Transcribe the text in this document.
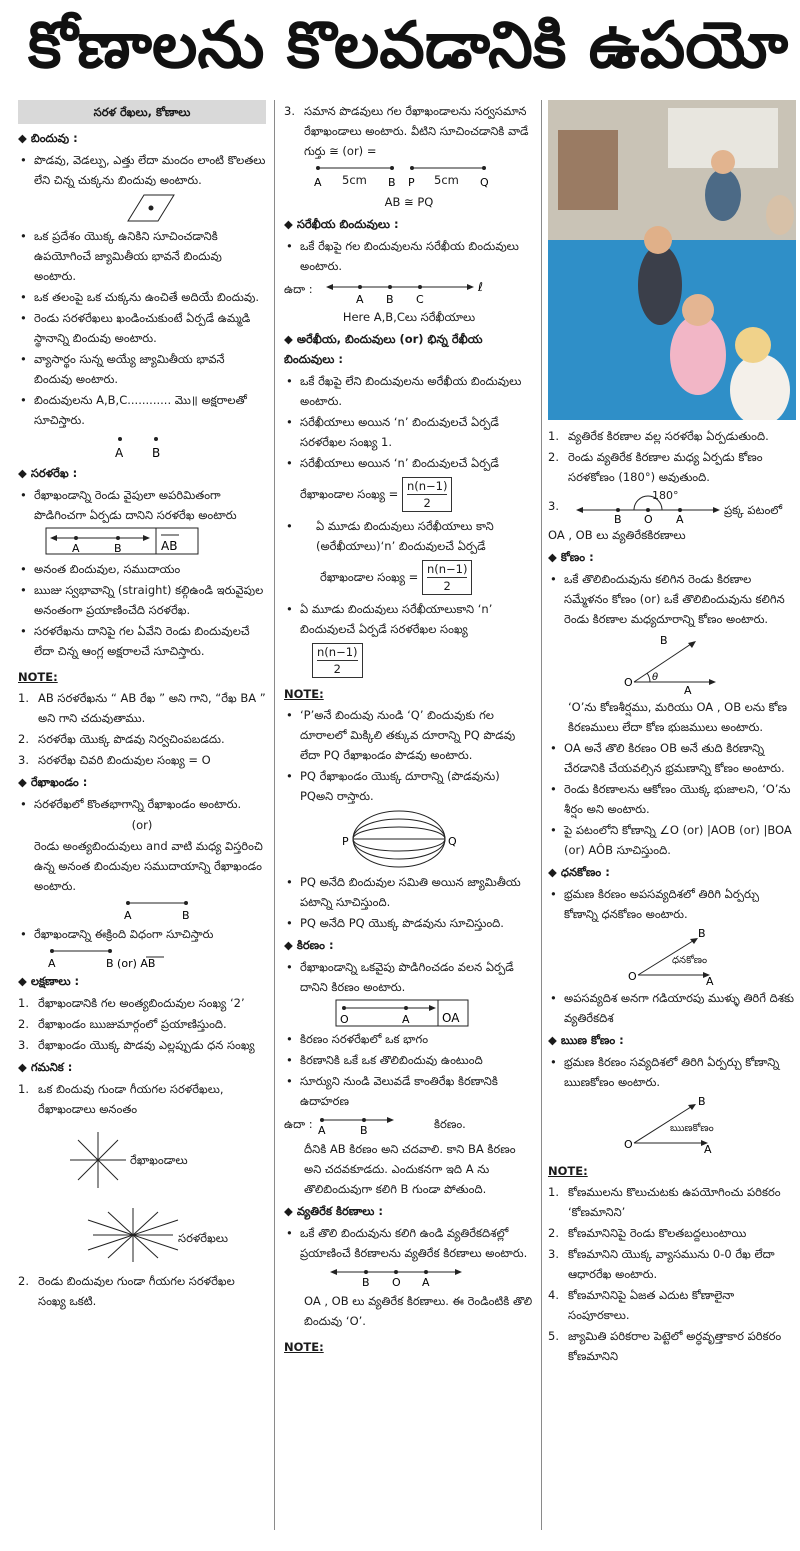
కోణాలను కొలవడానికి ఉపయో
సరళ రేఖలు, కోణాలు
◆ బిందువు :
• పొడవు, వెడల్పు, ఎత్తు లేదా మందం లాంటి కొలతలు లేని చిన్న చుక్కను బిందువు అంటారు.
• ఒక ప్రదేశం యొక్క ఉనికిని సూచించడానికి ఉపయోగించే జ్యామితీయ భావనే బిందువు అంటారు.
• ఒక తలంపై ఒక చుక్కను ఉంచితే అదియే బిందువు.
• రెండు సరళరేఖలు ఖండించుకుంటే ఏర్పడే ఉమ్మడి స్థానాన్ని బిందువు అంటారు.
• వ్యాసార్థం సున్న అయ్యే జ్యామితీయ భావనే బిందువు అంటారు.
• బిందువులను A,B,C............ మొ॥ అక్షరాలతో సూచిస్తారు.
A B
◆ సరళరేఖ :
• రేఖాఖండాన్ని రెండు వైపులా అపరిమితంగా పొడిగించగా ఏర్పడు దానిని సరళరేఖ అంటారు
A	B	AB
• అనంత బిందువుల, సముదాయం
• ఋజు స్వభావాన్ని (straight) కల్గిఉండి ఇరువైపుల అనంతంగా ప్రయాణించేది సరళరేఖ.
• సరళరేఖను దానిపై గల ఏవేని రెండు బిందువులచే లేదా చిన్న ఆంగ్ల అక్షరాలచే సూచిస్తారు.
NOTE:
1. AB సరళరేఖను “ AB రేఖ ” అని గాని, “రేఖ BA ” అని గాని చదువుతాము.
2. సరళరేఖ యొక్క పొడవు నిర్వచింపబడదు.
3. సరళరేఖ చివరి బిందువుల సంఖ్య = O
◆ రేఖాఖండం :
• సరళరేఖలో కొంతభాగాన్ని రేఖాఖండం అంటారు.
(or)
రెండు అంత్యబిందువులు and వాటి మధ్య విస్తరించి ఉన్న అనంత బిందువుల సముదాయాన్ని రేఖాఖండం అంటారు.
A	B
• రేఖాఖండాన్ని ఈక్రింది విధంగా సూచిస్తారు
A	B (or) AB
◆ లక్షణాలు :
1. రేఖాఖండానికి గల అంత్యబిందువుల సంఖ్య ‘2’
2. రేఖాఖండం ఋజుమార్గంలో ప్రయాణిస్తుంది.
3. రేఖాఖండం యొక్క పొడవు ఎల్లప్పుడు ధన సంఖ్య
◆ గమనిక :
1. ఒక బిందువు గుండా గీయగల సరళరేఖలు, రేఖాఖండాలు అనంతం
రేఖాఖండాలు
సరళరేఖలు
2. రెండు బిందువుల గుండా గీయగల సరళరేఖల సంఖ్య ఒకటి.
3. సమాన పొడవులు గల రేఖాఖండాలను సర్వసమాన రేఖాఖండాలు అంటారు. వీటిని సూచించడానికి వాడే గుర్తు ≅ (or) =
A	B P	Q
5cm	5cm
AB ≅ PQ
◆ సరేఖీయ బిందువులు :
• ఒకే రేఖపై గల బిందువులను సరేఖీయ బిందువులు అంటారు.
ఉదా :
A B C
ℓ
Here A,B,Cలు సరేఖీయాలు
◆ అరేఖీయ, బిందువులు (or) భిన్న రేఖీయ బిందువులు :
• ఒకే రేఖపై లేని బిందువులను అరేఖీయ బిందువులు అంటారు.
• సరేఖీయాలు అయిన ‘n’ బిందువులచే ఏర్పడే సరళరేఖల సంఖ్య 1.
• సరేఖీయాలు అయిన ‘n’ బిందువులచే ఏర్పడే
రేఖాఖండాల సంఖ్య = $\frac{n(n-1)}{2}$
• ఏ మూడు బిందువులు సరేఖీయాలు కాని (అరేఖీయాలు)‘n’ బిందువులచే ఏర్పడే
రేఖాఖండాల సంఖ్య = $\frac{n(n-1)}{2}$
• ఏ మూడు బిందువులు సరేఖీయాలుకాని ‘n’ బిందువులచే ఏర్పడే సరళరేఖల సంఖ్య
$\frac{n(n-1)}{2}$
NOTE:
• ‘P’అనే బిందువు నుండి ‘Q’ బిందువుకు గల దూరాలలో మిక్కిలి తక్కువ దూరాన్ని PQ పొడవు లేదా PQ రేఖాఖండం పొడవు అంటారు.
• PQ రేఖాఖండం యొక్క దూరాన్ని (పొడవును) PQఅని రాస్తారు.
P	Q
• PQ అనేది బిందువుల సమితి అయిన జ్యామితీయ పటాన్ని సూచిస్తుంది.
• PQ అనేది PQ యొక్క పొడవును సూచిస్తుంది.
◆ కిరణం :
• రేఖాఖండాన్ని ఒకవైపు పొడిగించడం వలన ఏర్పడే దానిని కిరణం అంటారు.
O	A	OA
• కిరణం సరళరేఖలో ఒక భాగం
• కిరణానికి ఒకే ఒక తొలిబిందువు ఉంటుంది
• సూర్యుని నుండి వెలువడే కాంతిరేఖ కిరణానికి ఉదాహరణ
ఉదా : A	B	కిరణం.
దీనికి AB కిరణం అని చదవాలి. కాని BA కిరణం అని చదవకూడదు. ఎందుకనగా ఇది A ను తొలిబిందువుగా కలిగి B గుండా పోతుంది.
◆ వ్యతిరేక కిరణాలు :
• ఒకే తొలి బిందువును కలిగి ఉండి వ్యతిరేకదిశల్లో ప్రయాణించే కిరణాలను వ్యతిరేక కిరణాలు అంటారు.
B O A
OA , OB లు వ్యతిరేక కిరణాలు. ఈ రెండింటికి తొలి బిందువు ‘O’.
NOTE:
1. వ్యతిరేక కిరణాల వల్ల సరళరేఖ ఏర్పడుతుంది.
2. రెండు వ్యతిరేక కిరణాల మధ్య ఏర్పడు కోణం సరళకోణం (180°) అవుతుంది.
3.
B O A
180°
ప్రక్క పటంలో
OA , OB లు వ్యతిరేకకిరణాలు
◆ కోణం :
• ఒకే తొలిబిందువును కలిగిన రెండు కిరణాల సమ్మేళనం కోణం (or) ఒకే తొలిబిందువును కలిగిన రెండు కిరణాల మధ్యదూరాన్ని కోణం అంటారు.
O
A
B
θ
‘O’ను కోణశీర్షము, మరియు OA , OB లను కోణ కిరణములు లేదా కోణ భుజములు అంటారు.
• OA అనే తొలి కిరణం OB అనే తుది కిరణాన్ని చేరడానికి చేయవల్సిన భ్రమణాన్ని కోణం అంటారు.
• రెండు కిరణాలను ఆకోణం యొక్క భుజాలని, ‘O’ను శీర్షం అని అంటారు.
• పై పటంలోని కోణాన్ని ∠O (or) |AOB (or) |BOA (or) AÔB సూచిస్తుంది.
◆ ధనకోణం :
• భ్రమణ కిరణం అపసవ్యదిశలో తిరిగి ఏర్పర్చు కోణాన్ని ధనకోణం అంటారు.
O	A
B
ధనకోణం
• అపసవ్యదిశ అనగా గడియారపు ముళ్ళు తిరిగే దిశకు వ్యతిరేకదిశ
◆ ఋణ కోణం :
• భ్రమణ కిరణం సవ్యదిశలో తిరిగి ఏర్పర్చు కోణాన్ని ఋణకోణం అంటారు.
O	A
B
ఋణకోణం
NOTE:
1. కోణములను కొలుచుటకు ఉపయోగించు పరికరం ‘కోణమానిని’
2. కోణమానినిపై రెండు కొలతబద్దలుంటాయి
3. కోణమానిని యొక్క వ్యాసమును 0-0 రేఖ లేదా ఆధారరేఖ అంటారు.
4. కోణమానినిపై ఏజత ఎదుట కోణాలైనా సంపూరకాలు.
5. జ్యామితి పరికరాల పెట్టెలో అర్ధవృత్తాకార పరికరం కోణమానిని
